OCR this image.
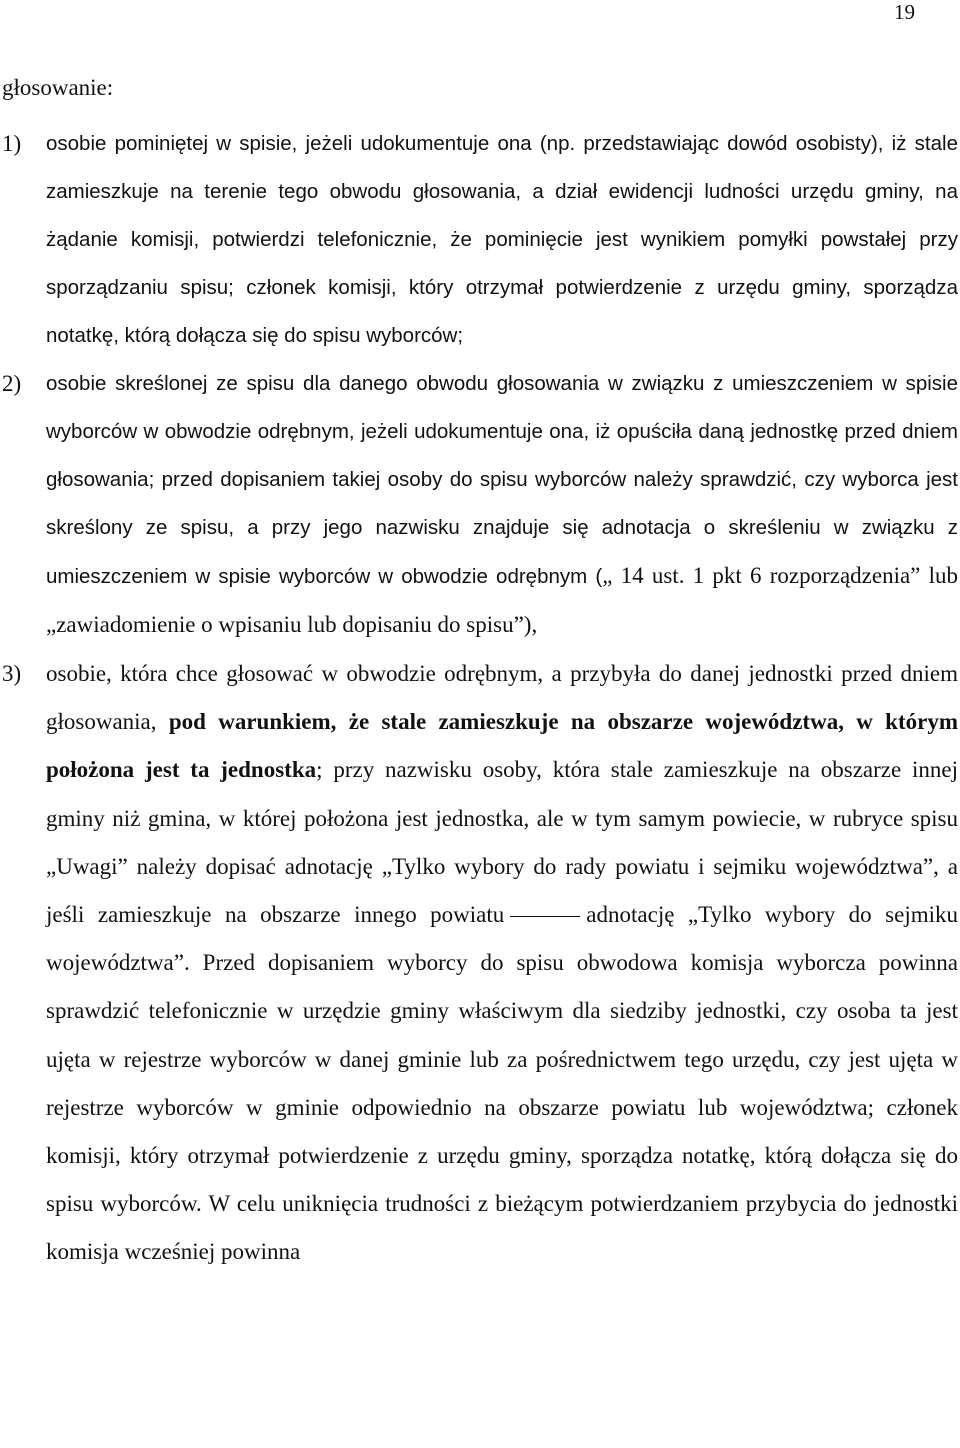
19
głosowanie:
1)	osobie pominiętej w spisie, jeżeli udokumentuje ona (np. przedstawiając dowód osobisty), iż stale zamieszkuje na terenie tego obwodu głosowania, a dział ewidencji ludności urzędu gminy, na żądanie komisji, potwierdzi telefonicznie, że pominięcie jest wynikiem pomyłki powstałej przy sporządzaniu spisu; członek komisji, który otrzymał potwierdzenie z urzędu gminy, sporządza notatkę, którą dołącza się do spisu wyborców;
2)	osobie skreślonej ze spisu dla danego obwodu głosowania w związku z umieszczeniem w spisie wyborców w obwodzie odrębnym, jeżeli udokumentuje ona, iż opuściła daną jednostkę przed dniem głosowania; przed dopisaniem takiej osoby do spisu wyborców należy sprawdzić, czy wyborca jest skreślony ze spisu, a przy jego nazwisku znajduje się adnotacja o skreśleniu w związku z umieszczeniem w spisie wyborców w obwodzie odrębnym („ 14 ust. 1 pkt 6 rozporządzenia” lub „zawiadomienie o wpisaniu lub dopisaniu do spisu”),
3)	osobie, która chce głosować w obwodzie odrębnym, a przybyła do danej jednostki przed dniem głosowania, pod warunkiem, że stale zamieszkuje na obszarze województwa, w którym położona jest ta jednostka; przy nazwisku osoby, która stale zamieszkuje na obszarze innej gminy niż gmina, w której położona jest jednostka, ale w tym samym powiecie, w rubryce spisu „Uwagi” należy dopisać adnotację „Tylko wybory do rady powiatu i sejmiku województwa”, a jeśli zamieszkuje na obszarze innego powiatu	adnotację „Tylko wybory do sejmiku województwa”. Przed dopisaniem wyborcy do spisu obwodowa komisja wyborcza powinna sprawdzić telefonicznie w urzędzie gminy właściwym dla siedziby jednostki, czy osoba ta jest ujęta w rejestrze wyborców w danej gminie lub za pośrednictwem tego urzędu, czy jest ujęta w rejestrze wyborców w gminie odpowiednio na obszarze powiatu lub województwa; członek komisji, który otrzymał potwierdzenie z urzędu gminy, sporządza notatkę, którą dołącza się do spisu wyborców. W celu uniknięcia trudności z bieżącym potwierdzaniem przybycia do jednostki komisja wcześniej powinna
